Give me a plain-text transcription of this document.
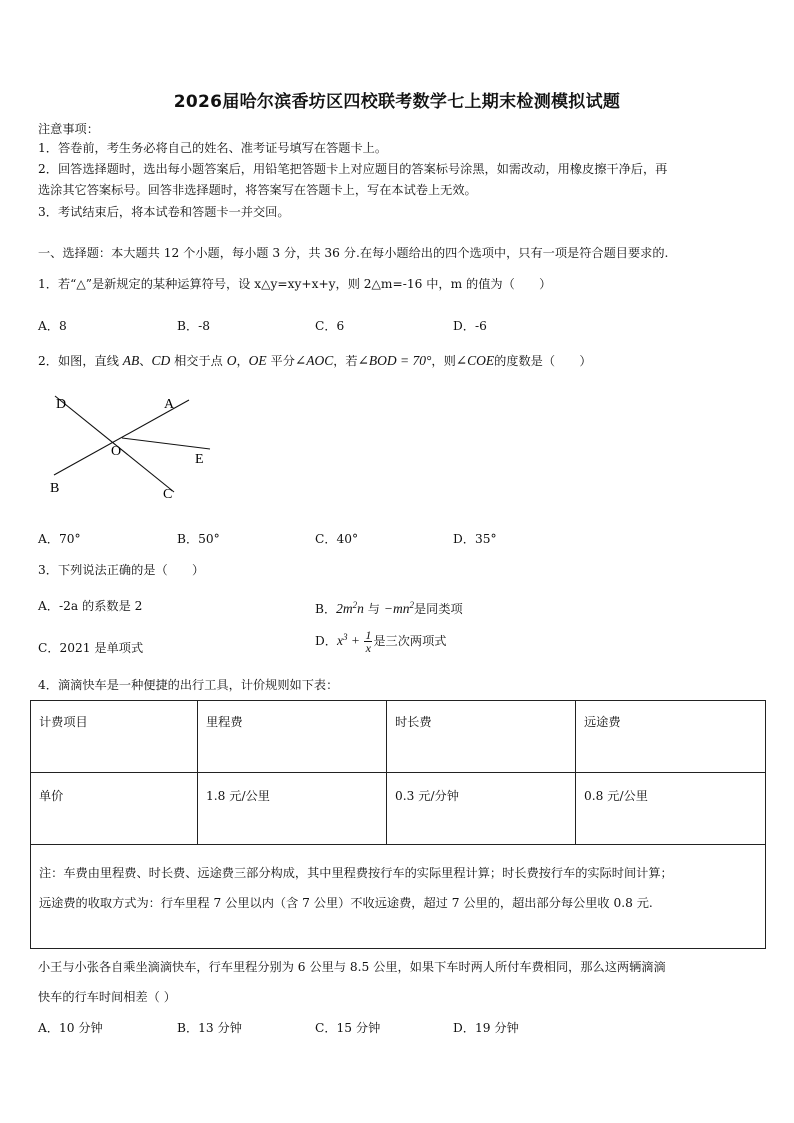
2026届哈尔滨香坊区四校联考数学七上期末检测模拟试题
注意事项：
1．答卷前，考生务必将自己的姓名、准考证号填写在答题卡上。
2．回答选择题时，选出每小题答案后，用铅笔把答题卡上对应题目的答案标号涂黑，如需改动，用橡皮擦干净后，再
选涂其它答案标号。回答非选择题时，将答案写在答题卡上，写在本试卷上无效。
3．考试结束后，将本试卷和答题卡一并交回。
一、选择题：本大题共 12 个小题，每小题 3 分，共 36 分.在每小题给出的四个选项中，只有一项是符合题目要求的.
1．若“△”是新规定的某种运算符号，设 x△y=xy+x+y，则 2△m=-16 中，m 的值为（　　）
A．8	B．-8	C．6	D．-6
2．如图，直线 AB、CD 相交于点 O，OE 平分∠AOC，若∠BOD = 70°，则∠COE的度数是（　　）
D	A
O
E
B	C
A．70°	B．50°	C．40°	D．35°
3．下列说法正确的是（　　）
A．-2a 的系数是 2	B．$2m^2n$ 与 $-mn^2$是同类项
C．2021 是单项式	D．$x^3 + \frac{1}{x}$ 是三次两项式
4．滴滴快车是一种便捷的出行工具，计价规则如下表：
计费项目	里程费	时长费	远途费
单价	1.8 元/公里	0.3 元/分钟	0.8 元/公里

注：车费由里程费、时长费、远途费三部分构成，其中里程费按行车的实际里程计算；时长费按行车的实际时间计算；
远途费的收取方式为：行车里程 7 公里以内（含 7 公里）不收远途费，超过 7 公里的，超出部分每公里收 0.8 元.			
小王与小张各自乘坐滴滴快车，行车里程分别为 6 公里与 8.5 公里，如果下车时两人所付车费相同，那么这两辆滴滴
快车的行车时间相差（ ）
A．10 分钟	B．13 分钟	C．15 分钟	D．19 分钟
